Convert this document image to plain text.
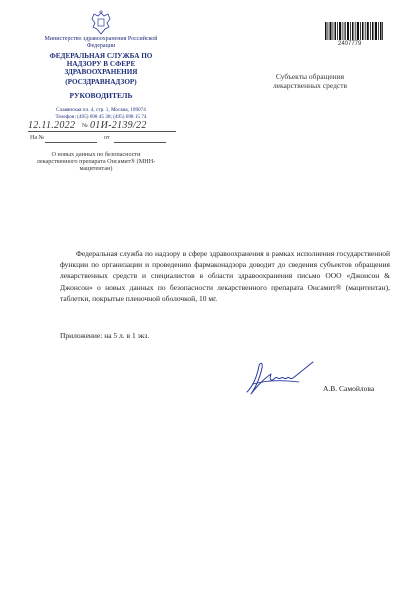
Министерство здравоохранения Российской Федерации
ФЕДЕРАЛЬНАЯ СЛУЖБА ПО НАДЗОРУ В СФЕРЕ ЗДРАВООХРАНЕНИЯ
(РОСЗДРАВНАДЗОР)
РУКОВОДИТЕЛЬ
Славянская пл. 4, стр. 1, Москва, 109074
Телефон: (495) 698 45 38; (495) 698 15 74
12.11.2022 № 01И-2139/22
На №	от
О новых данных по безопасности лекарственного препарата Онсамит® (МНН- мацитентан)
2407779
Субъекты обращения лекарственных средств

Федеральная служба по надзору в сфере здравоохранения в рамках исполнения государственной функции по организации и проведению фармаконадзора доводит до сведения субъектов обращения лекарственных средств и специалистов в области здравоохранения письмо ООО «Джонсон & Джонсон» о новых данных по безопасности лекарственного препарата Онсамит® (мацитентан), таблетки, покрытые пленочной оболочкой, 10 мг.

Приложение: на 5 л. в 1 экз.
А.В. Самойлова
